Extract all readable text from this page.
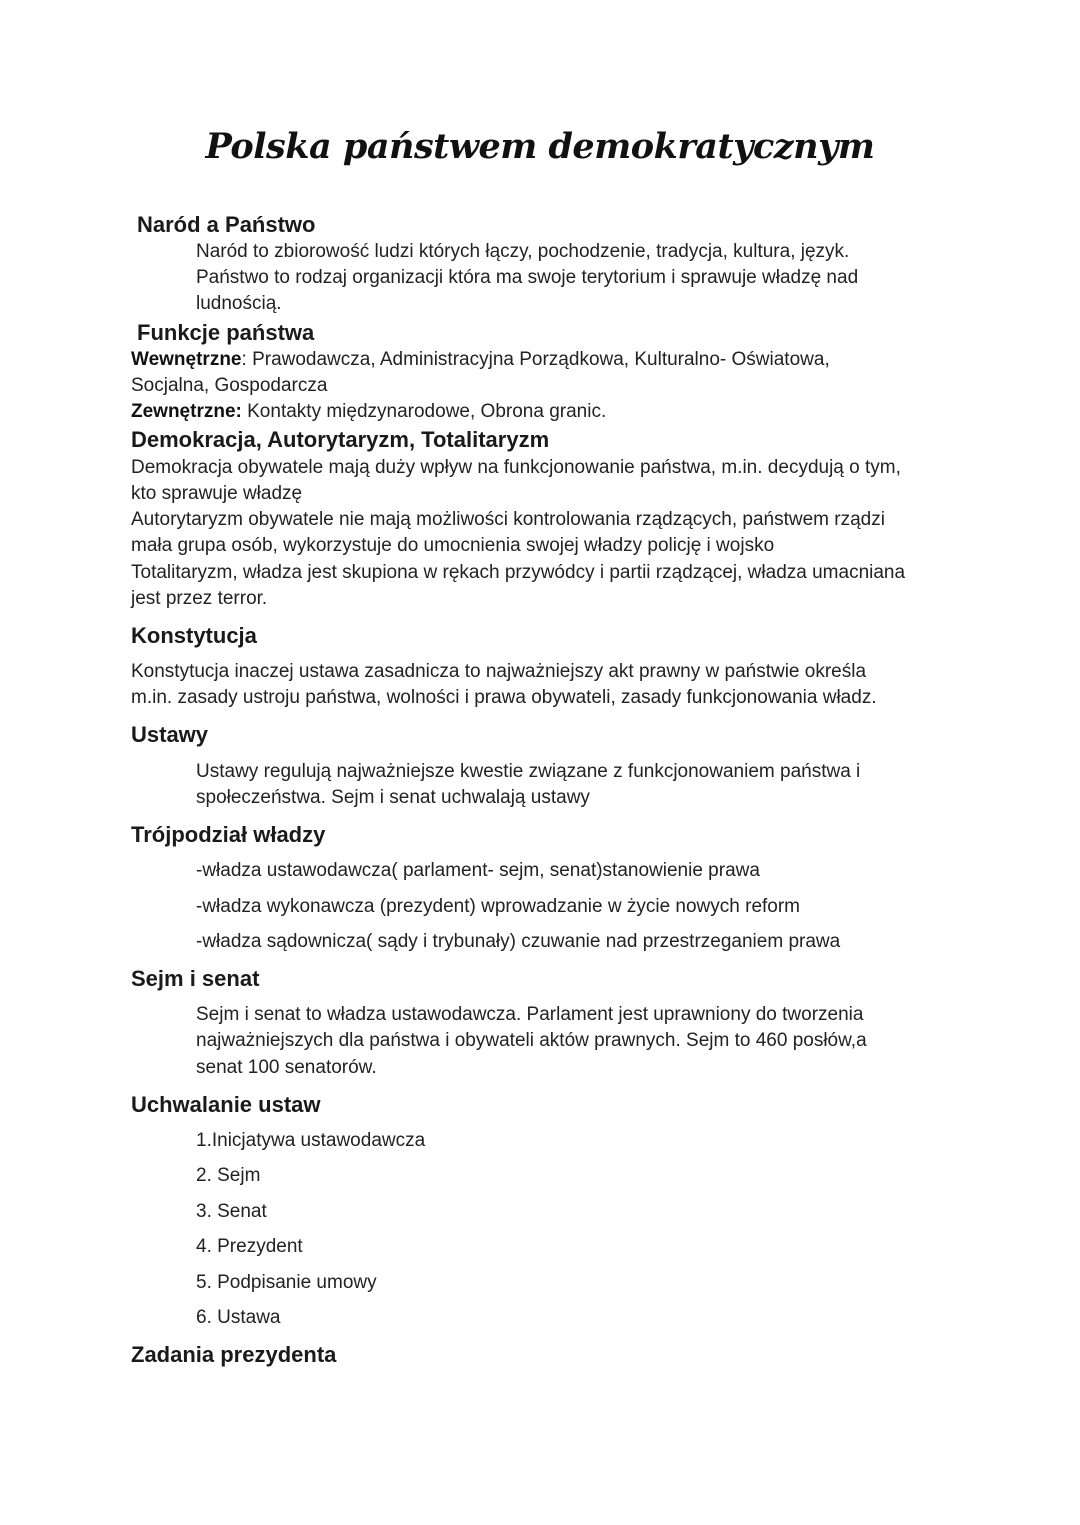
Polska państwem demokratycznym
Naród a Państwo
Naród to zbiorowość ludzi których łączy, pochodzenie, tradycja, kultura, język.
Państwo to rodzaj organizacji która ma swoje terytorium i sprawuje władzę nad
ludnością.
Funkcje państwa
Wewnętrzne: Prawodawcza, Administracyjna Porządkowa, Kulturalno- Oświatowa,
Socjalna, Gospodarcza
Zewnętrzne: Kontakty międzynarodowe, Obrona granic.
Demokracja, Autorytaryzm, Totalitaryzm
Demokracja obywatele mają duży wpływ na funkcjonowanie państwa, m.in. decydują o tym,
kto sprawuje władzę
Autorytaryzm obywatele nie mają możliwości kontrolowania rządzących, państwem rządzi
mała grupa osób, wykorzystuje do umocnienia swojej władzy policję i wojsko
Totalitaryzm, władza jest skupiona w rękach przywódcy i partii rządzącej, władza umacniana
jest przez terror.
Konstytucja
Konstytucja inaczej ustawa zasadnicza to najważniejszy akt prawny w państwie określa
m.in. zasady ustroju państwa, wolności i prawa obywateli, zasady funkcjonowania władz.
Ustawy
Ustawy regulują najważniejsze kwestie związane z funkcjonowaniem państwa i
społeczeństwa. Sejm i senat uchwalają ustawy
Trójpodział władzy
-władza ustawodawcza( parlament- sejm, senat)stanowienie prawa
-władza wykonawcza (prezydent) wprowadzanie w życie nowych reform
-władza sądownicza( sądy i trybunały) czuwanie nad przestrzeganiem prawa
Sejm i senat
Sejm i senat to władza ustawodawcza. Parlament jest uprawniony do tworzenia
najważniejszych dla państwa i obywateli aktów prawnych. Sejm to 460 posłów,a
senat 100 senatorów.
Uchwalanie ustaw
1.Inicjatywa ustawodawcza
2. Sejm
3. Senat
4. Prezydent
5. Podpisanie umowy
6. Ustawa
Zadania prezydenta
